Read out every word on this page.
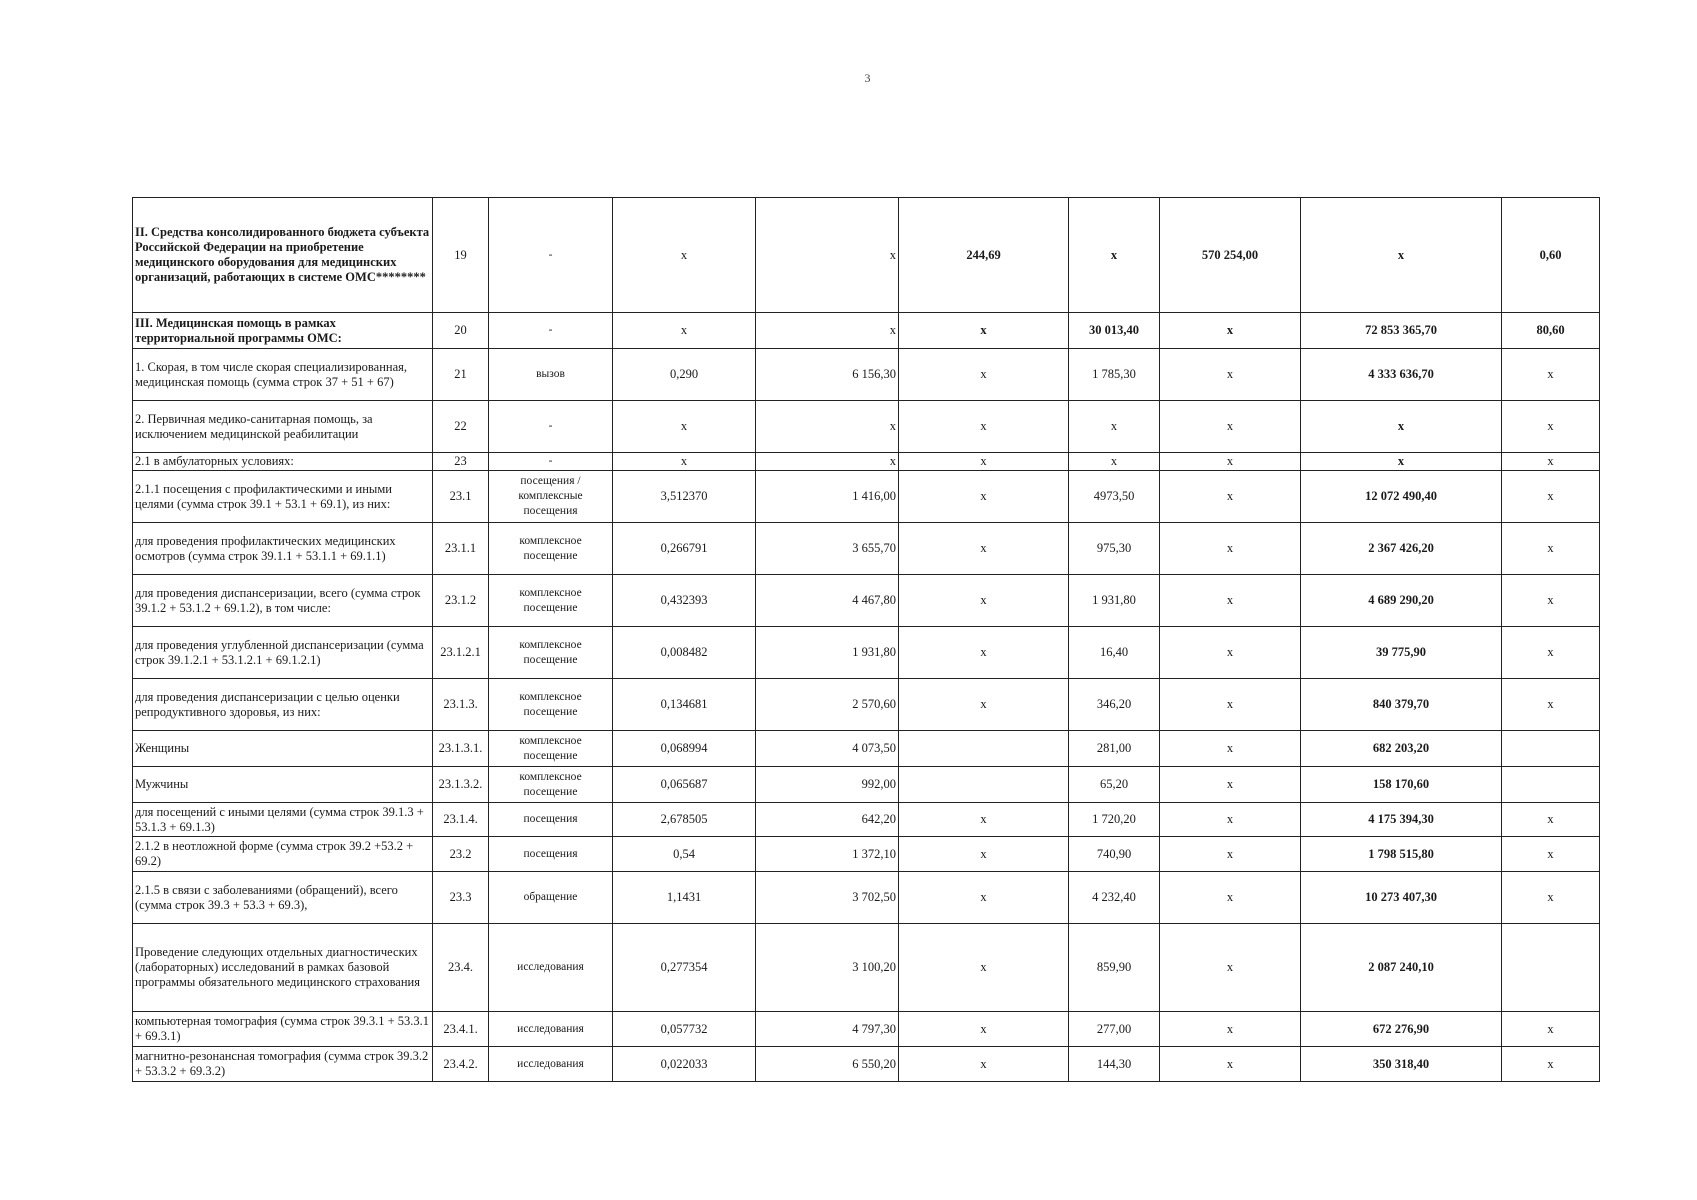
3
II. Средства консолидированного бюджета субъекта Российской Федерации на приобретение медицинского оборудования для медицинских организаций, работающих в системе ОМС********	19	-	x	x	244,69	x	570 254,00	x	0,60
III. Медицинская помощь в рамках территориальной программы ОМС:	20	-	x	x	x	30 013,40	x	72 853 365,70	80,60
1. Скорая, в том числе скорая специализированная, медицинская помощь (сумма строк 37 + 51 + 67)	21	вызов	0,290	6 156,30	x	1 785,30	x	4 333 636,70	x
2. Первичная медико-санитарная помощь, за исключением медицинской реабилитации	22	-	x	x	x	x	x	x	x
2.1 в амбулаторных условиях:	23	-	x	x	x	x	x	x	x
2.1.1 посещения с профилактическими и иными целями (сумма строк 39.1 + 53.1 + 69.1), из них:	23.1	посещения / комплексные посещения	3,512370	1 416,00	x	4973,50	x	12 072 490,40	x
для проведения профилактических медицинских осмотров (сумма строк 39.1.1 + 53.1.1 + 69.1.1)	23.1.1	комплексное посещение	0,266791	3 655,70	x	975,30	x	2 367 426,20	x
для проведения диспансеризации, всего (сумма строк 39.1.2 + 53.1.2 + 69.1.2), в том числе:	23.1.2	комплексное посещение	0,432393	4 467,80	x	1 931,80	x	4 689 290,20	x
для проведения углубленной диспансеризации (сумма строк 39.1.2.1 + 53.1.2.1 + 69.1.2.1)	23.1.2.1	комплексное посещение	0,008482	1 931,80	x	16,40	x	39 775,90	x
для проведения диспансеризации с целью оценки репродуктивного здоровья, из них:	23.1.3.	комплексное посещение	0,134681	2 570,60	x	346,20	x	840 379,70	x
Женщины	23.1.3.1.	комплексное посещение	0,068994	4 073,50		281,00	x	682 203,20	
Мужчины	23.1.3.2.	комплексное посещение	0,065687	992,00		65,20	x	158 170,60	
для посещений с иными целями (сумма строк 39.1.3 + 53.1.3 + 69.1.3)	23.1.4.	посещения	2,678505	642,20	x	1 720,20	x	4 175 394,30	x
2.1.2 в неотложной форме (сумма строк 39.2 +53.2 + 69.2)	23.2	посещения	0,54	1 372,10	x	740,90	x	1 798 515,80	x
2.1.5 в связи с заболеваниями (обращений), всего (сумма строк 39.3 + 53.3 + 69.3),	23.3	обращение	1,1431	3 702,50	x	4 232,40	x	10 273 407,30	x
Проведение следующих отдельных диагностических (лабораторных) исследований в рамках базовой программы обязательного медицинского страхования	23.4.	исследования	0,277354	3 100,20	x	859,90	x	2 087 240,10	
компьютерная томография (сумма строк 39.3.1 + 53.3.1 + 69.3.1)	23.4.1.	исследования	0,057732	4 797,30	x	277,00	x	672 276,90	x
магнитно-резонансная томография (сумма строк 39.3.2 + 53.3.2 + 69.3.2)	23.4.2.	исследования	0,022033	6 550,20	x	144,30	x	350 318,40	x
